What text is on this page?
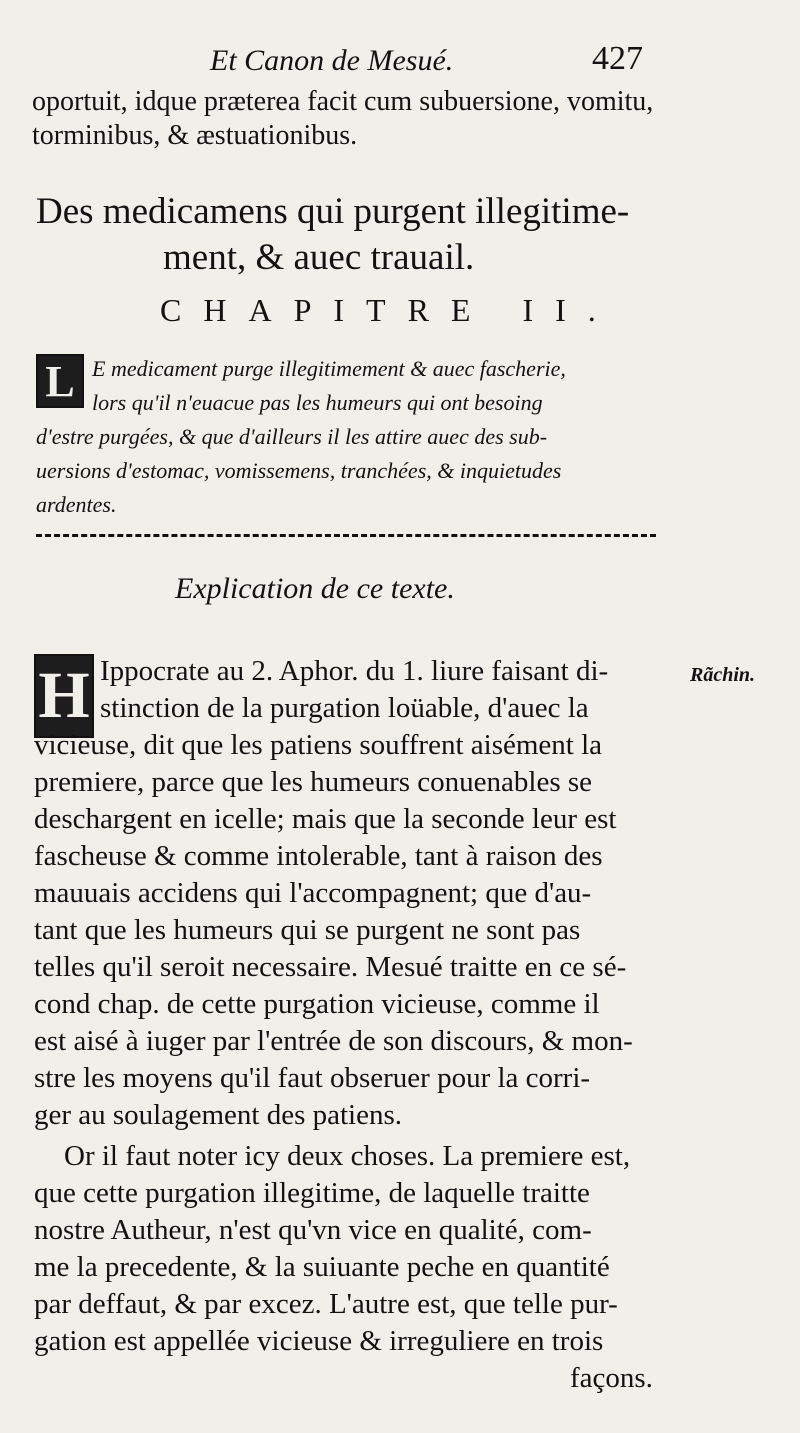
Et Canon de Mesué.	427
oportuit, idque præterea facit cum subuersione, vomitu,
torminibus, & æstuationibus.
Des medicamens qui purgent illegitime-
ment, & auec trauail.
CHAPITRE II.
L E medicament purge illegitimement & auec fascherie,
lors qu'il n'euacue pas les humeurs qui ont besoing
d'estre purgées, & que d'ailleurs il les attire auec des sub-
uersions d'estomac, vomissemens, tranchées, & inquietudes
ardentes.
Explication de ce texte.
Rãchin.
H Ippocrate au 2. Aphor. du 1. liure faisant di-
stinction de la purgation loüable, d'auec la
vicieuse, dit que les patiens souffrent aisément la
premiere, parce que les humeurs conuenables se
deschargent en icelle; mais que la seconde leur est
fascheuse & comme intolerable, tant à raison des
mauuais accidens qui l'accompagnent; que d'au-
tant que les humeurs qui se purgent ne sont pas
telles qu'il seroit necessaire. Mesué traitte en ce sé-
cond chap. de cette purgation vicieuse, comme il
est aisé à iuger par l'entrée de son discours, & mon-
stre les moyens qu'il faut obseruer pour la corri-
ger au soulagement des patiens.
Or il faut noter icy deux choses. La premiere est,
que cette purgation illegitime, de laquelle traitte
nostre Autheur, n'est qu'vn vice en qualité, com-
me la precedente, & la suiuante peche en quantité
par deffaut, & par excez. L'autre est, que telle pur-
gation est appellée vicieuse & irreguliere en trois
façons.
